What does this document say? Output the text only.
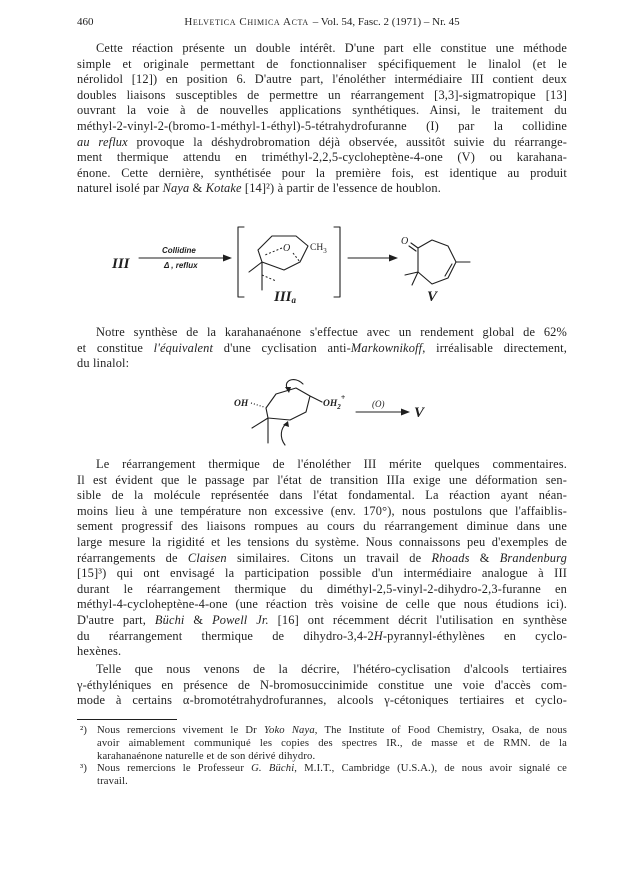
460	Helvetica Chimica Acta – Vol. 54, Fasc. 2 (1971) – Nr. 45
Cette réaction présente un double intérêt. D'une part elle constitue une méthode
simple et originale permettant de fonctionnaliser spécifiquement le linalol (et le
nérolidol [12]) en position 6. D'autre part, l'énoléther intermédiaire III contient deux
doubles liaisons susceptibles de permettre un réarrangement [3,3]-sigmatropique [13]
ouvrant la voie à de nouvelles applications synthétiques. Ainsi, le traitement du
méthyl-2-vinyl-2-(bromo-1-méthyl-1-éthyl)-5-tétrahydrofuranne (I) par la collidine
au reflux provoque la déshydrobromation déjà observée, aussitôt suivie du réarrange-
ment thermique attendu en triméthyl-2,2,5-cycloheptène-4-one (V) ou karahana-
énone. Cette dernière, synthétisée pour la première fois, est identique au produit
naturel isolé par Naya & Kotake [14]²) à partir de l'essence de houblon.
III
Collidine
Δ , reflux
O $CH_3$
IIIa
O
V
Notre synthèse de la karahanaénone s'effectue avec un rendement global de 62%
et constitue l'équivalent d'une cyclisation anti-Markownikoff, irréalisable directement,
du linalol:
OH	$OH_2^+$
(O)
V
Le réarrangement thermique de l'énoléther III mérite quelques commentaires.
Il est évident que le passage par l'état de transition IIIa exige une déformation sen-
sible de la molécule représentée dans l'état fondamental. La réaction ayant néan-
moins lieu à une température non excessive (env. 170°), nous postulons que l'affaiblis-
sement progressif des liaisons rompues au cours du réarrangement diminue dans une
large mesure la rigidité et les tensions du système. Nous connaissons peu d'exemples de
réarrangements de Claisen similaires. Citons un travail de Rhoads & Brandenburg
[15]³) qui ont envisagé la participation possible d'un intermédiaire analogue à III
durant le réarrangement thermique du diméthyl-2,5-vinyl-2-dihydro-2,3-furanne en
méthyl-4-cycloheptène-4-one (une réaction très voisine de celle que nous étudions ici).
D'autre part, Büchi & Powell Jr. [16] ont récemment décrit l'utilisation en synthèse
du réarrangement thermique de dihydro-3,4-2H-pyrannyl-éthylènes en cyclo-
hexènes.
Telle que nous venons de la décrire, l'hétéro-cyclisation d'alcools tertiaires
γ-éthyléniques en présence de N-bromosuccinimide constitue une voie d'accès com-
mode à certains α-bromotétrahydrofurannes, alcools γ-cétoniques tertiaires et cyclo-
²) Nous remercions vivement le Dr Yoko Naya, The Institute of Food Chemistry, Osaka, de nous
avoir aimablement communiqué les copies des spectres IR., de masse et de RMN. de la
karahanaénone naturelle et de son dérivé dihydro.
³) Nous remercions le Professeur G. Büchi, M.I.T., Cambridge (U.S.A.), de nous avoir signalé ce
travail.
